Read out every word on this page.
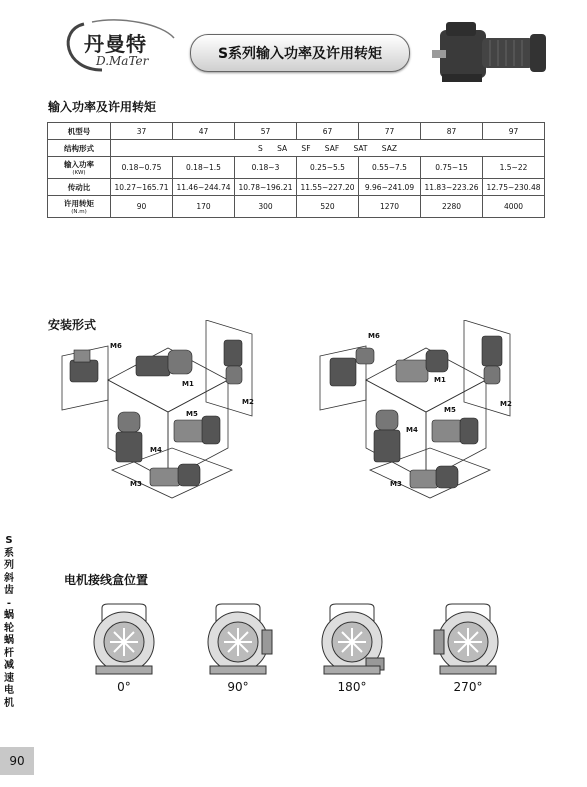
丹曼特
D.MaTer	S系列输入功率及许用转矩
输入功率及许用转矩
机型号	37	47	57	67	77	87	97
结构形式	S      SA      SF      SAF      SAT      SAZ						
输入功率
(KW)	0.18~0.75	0.18~1.5	0.18~3	0.25~5.5	0.55~7.5	0.75~15	1.5~22
传动比	10.27~165.71	11.46~244.74	10.78~196.21	11.55~227.20	9.96~241.09	11.83~223.26	12.75~230.48
许用转矩
(N.m)	90	170	300	520	1270	2280	4000
安装形式
M1
M2
M3
M4
M5
M6
M1
M2
M3
M4
M5
M6
电机接线盒位置
0°	90°	180°	270°
S
系
列
斜
齿
-
蜗
轮
蜗
杆
减
速
电
机
90
